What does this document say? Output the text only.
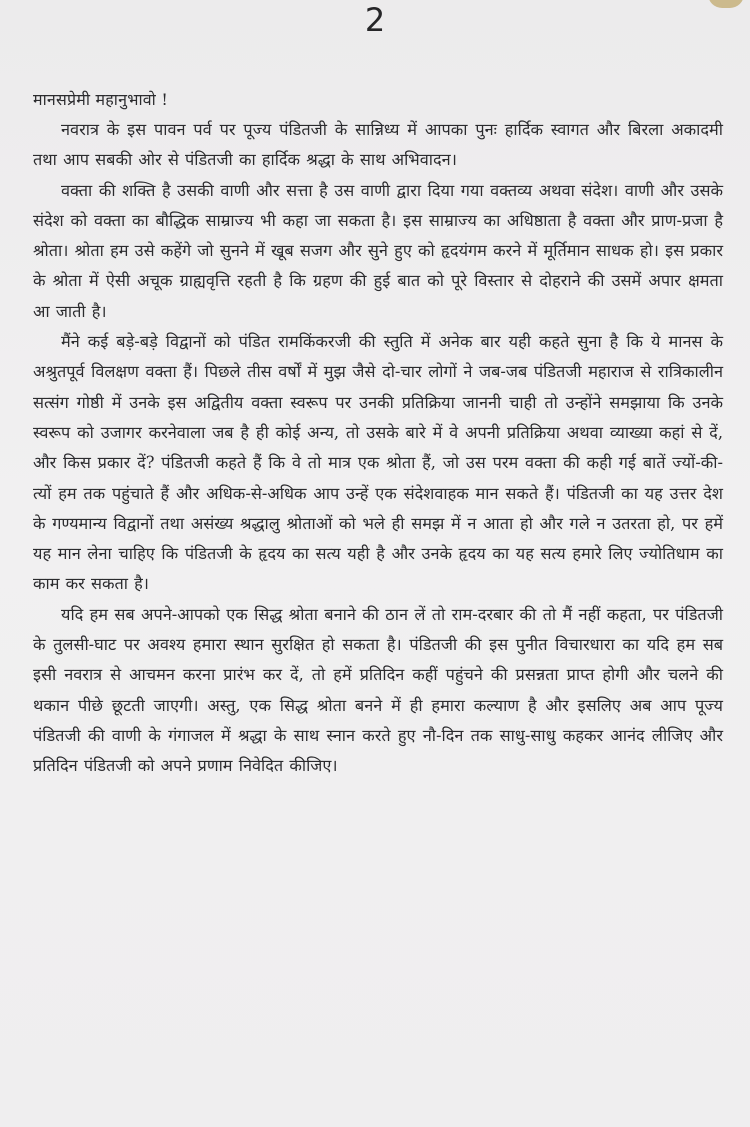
2

मानसप्रेमी महानुभावो !

नवरात्र के इस पावन पर्व पर पूज्य पंडितजी के सान्निध्य में आपका पुनः हार्दिक स्वागत और बिरला अकादमी तथा आप सबकी ओर से पंडितजी का हार्दिक श्रद्धा के साथ अभिवादन।

वक्ता की शक्ति है उसकी वाणी और सत्ता है उस वाणी द्वारा दिया गया वक्तव्य अथवा संदेश। वाणी और उसके संदेश को वक्ता का बौद्धिक साम्राज्य भी कहा जा सकता है। इस साम्राज्य का अधिष्ठाता है वक्ता और प्राण-प्रजा है श्रोता। श्रोता हम उसे कहेंगे जो सुनने में खूब सजग और सुने हुए को हृदयंगम करने में मूर्तिमान साधक हो। इस प्रकार के श्रोता में ऐसी अचूक ग्राह्यवृत्ति रहती है कि ग्रहण की हुई बात को पूरे विस्तार से दोहराने की उसमें अपार क्षमता आ जाती है।

मैंने कई बड़े-बड़े विद्वानों को पंडित रामकिंकरजी की स्तुति में अनेक बार यही कहते सुना है कि ये मानस के अश्रुतपूर्व विलक्षण वक्ता हैं। पिछले तीस वर्षों में मुझ जैसे दो-चार लोगों ने जब-जब पंडितजी महाराज से रात्रिकालीन सत्संग गोष्ठी में उनके इस अद्वितीय वक्ता स्वरूप पर उनकी प्रतिक्रिया जाननी चाही तो उन्होंने समझाया कि उनके स्वरूप को उजागर करनेवाला जब है ही कोई अन्य, तो उसके बारे में वे अपनी प्रतिक्रिया अथवा व्याख्या कहां से दें, और किस प्रकार दें? पंडितजी कहते हैं कि वे तो मात्र एक श्रोता हैं, जो उस परम वक्ता की कही गई बातें ज्यों-की-त्यों हम तक पहुंचाते हैं और अधिक-से-अधिक आप उन्हें एक संदेशवाहक मान सकते हैं। पंडितजी का यह उत्तर देश के गण्यमान्य विद्वानों तथा असंख्य श्रद्धालु श्रोताओं को भले ही समझ में न आता हो और गले न उतरता हो, पर हमें यह मान लेना चाहिए कि पंडितजी के हृदय का सत्य यही है और उनके हृदय का यह सत्य हमारे लिए ज्योतिधाम का काम कर सकता है।

यदि हम सब अपने-आपको एक सिद्ध श्रोता बनाने की ठान लें तो राम-दरबार की तो मैं नहीं कहता, पर पंडितजी के तुलसी-घाट पर अवश्य हमारा स्थान सुरक्षित हो सकता है। पंडितजी की इस पुनीत विचारधारा का यदि हम सब इसी नवरात्र से आचमन करना प्रारंभ कर दें, तो हमें प्रतिदिन कहीं पहुंचने की प्रसन्नता प्राप्त होगी और चलने की थकान पीछे छूटती जाएगी। अस्तु, एक सिद्ध श्रोता बनने में ही हमारा कल्याण है और इसलिए अब आप पूज्य पंडितजी की वाणी के गंगाजल में श्रद्धा के साथ स्नान करते हुए नौ-दिन तक साधु-साधु कहकर आनंद लीजिए और प्रतिदिन पंडितजी को अपने प्रणाम निवेदित कीजिए।
